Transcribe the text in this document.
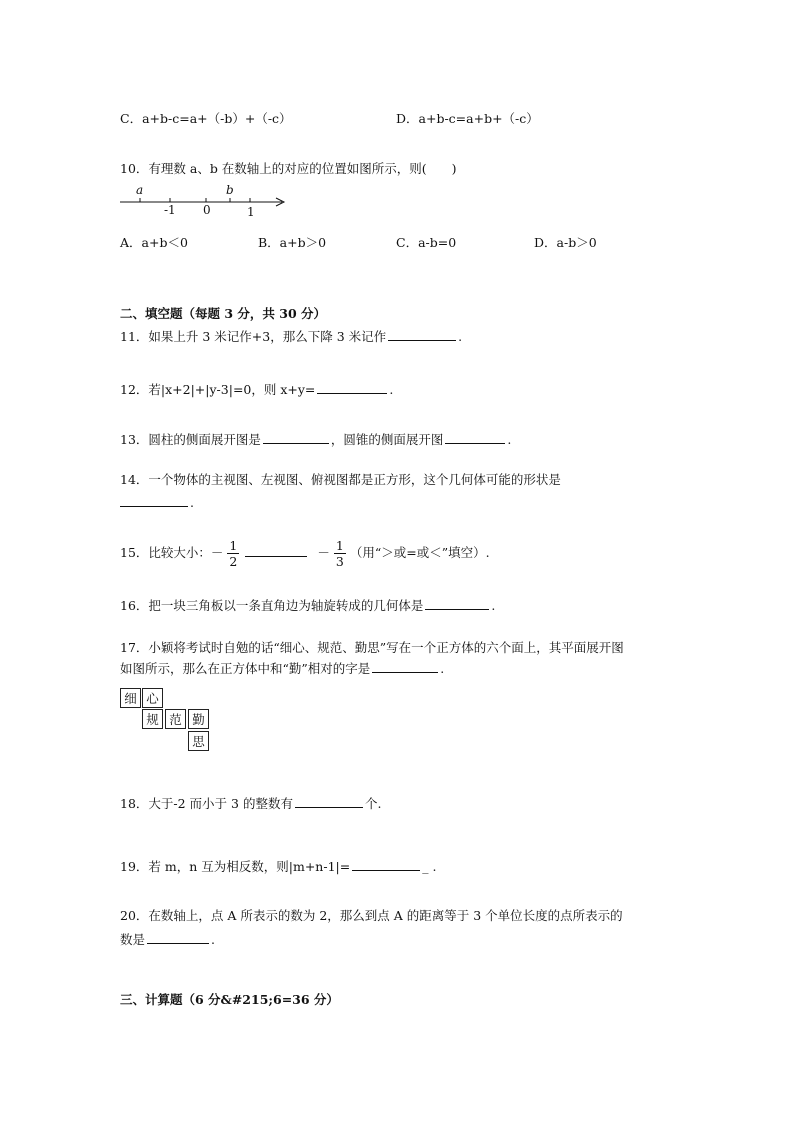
C．a+b-c=a+（-b）+（-c）	D．a+b-c=a+b+（-c）
10．有理数 a、b 在数轴上的对应的位置如图所示，则(　　)
a	b
-1 0	1
A．a+b＜0	B．a+b＞0	C．a-b=0	D．a-b＞0
二、填空题（每题 3 分，共 30 分）
11．如果上升 3 米记作+3，那么下降 3 米记作	.
12．若|x+2|+|y-3|=0，则 x+y=	.
13．圆柱的侧面展开图是	，圆锥的侧面展开图	.
14．一个物体的主视图、左视图、俯视图都是正方形，这个几何体可能的形状是
.
15．比较大小：－ $\frac{1}{2}$	－ $\frac{1}{3}$ （用“＞或=或＜”填空）.
16．把一块三角板以一条直角边为轴旋转成的几何体是	.
17．小颖将考试时自勉的话“细心、规范、勤思”写在一个正方体的六个面上，其平面展开图
如图所示，那么在正方体中和“勤”相对的字是	.
细 心
规 范 勤
思
18．大于-2 而小于 3 的整数有	个.
19．若 m，n 互为相反数，则|m+n-1|=	_ .
20．在数轴上，点 A 所表示的数为 2，那么到点 A 的距离等于 3 个单位长度的点所表示的
数是	.
三、计算题（6 分&#215;6=36 分）
